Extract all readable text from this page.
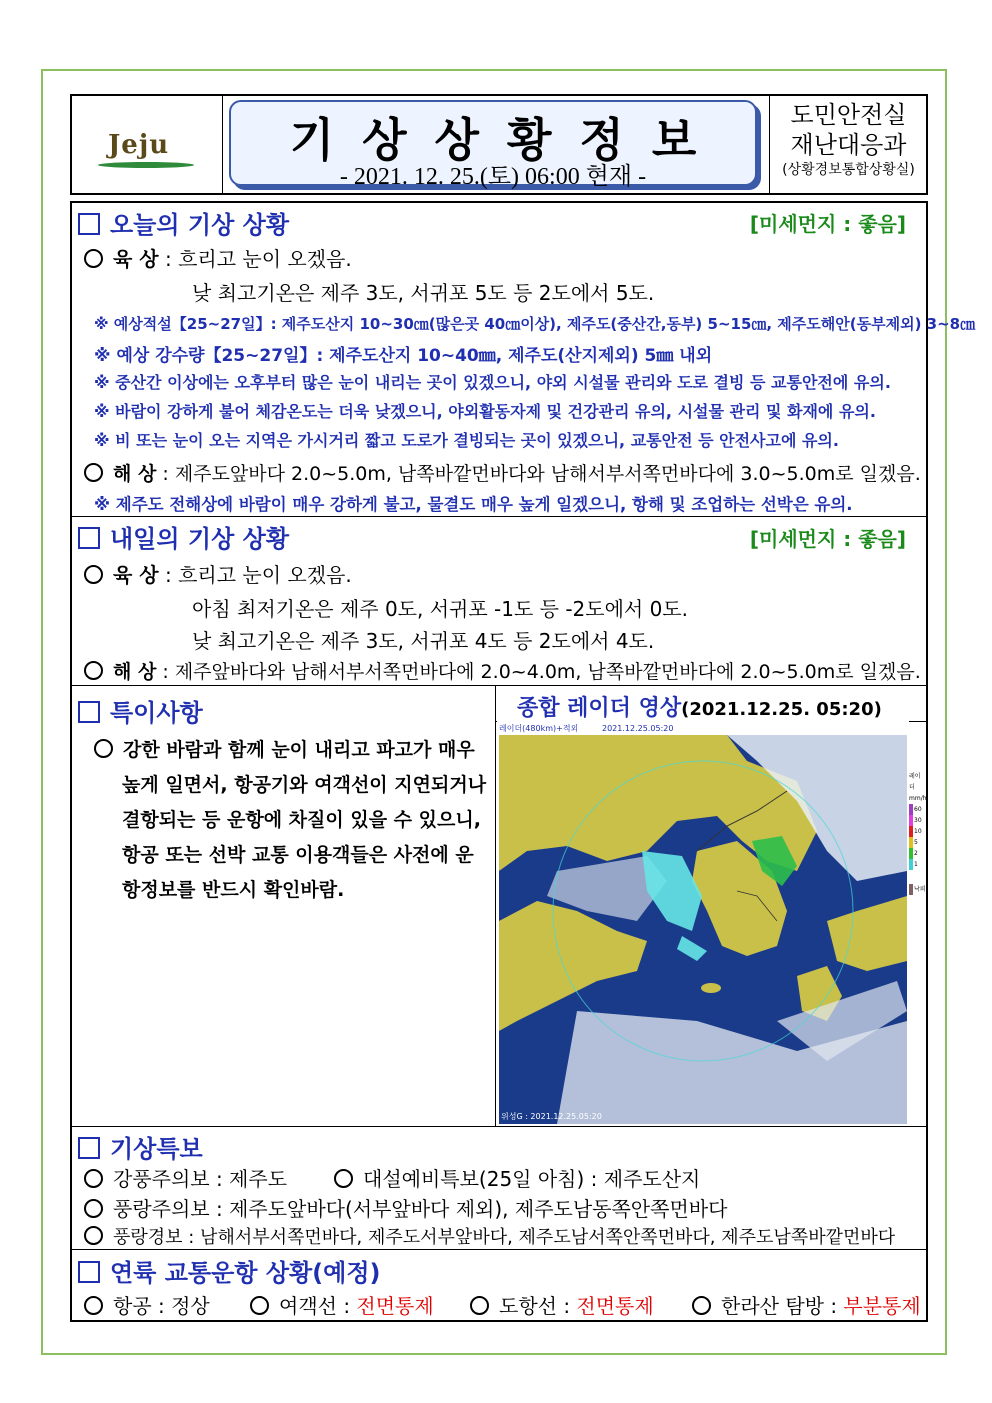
Jeju	기상상황정보
- 2021. 12. 25.(토) 06:00 현재 -
도민안전실
재난대응과
(상황경보통합상황실)
오늘의 기상 상황	[미세먼지 : 좋음]
육 상 : 흐리고 눈이 오겠음.
낮 최고기온은 제주 3도, 서귀포 5도 등 2도에서 5도.
※ 예상적설【25~27일】: 제주도산지 10~30㎝(많은곳 40㎝이상), 제주도(중산간,동부) 5~15㎝, 제주도해안(동부제외) 3~8㎝
※ 예상 강수량【25~27일】: 제주도산지 10~40㎜, 제주도(산지제외) 5㎜ 내외
※ 중산간 이상에는 오후부터 많은 눈이 내리는 곳이 있겠으니, 야외 시설물 관리와 도로 결빙 등 교통안전에 유의.
※ 바람이 강하게 불어 체감온도는 더욱 낮겠으니, 야외활동자제 및 건강관리 유의, 시설물 관리 및 화재에 유의.
※ 비 또는 눈이 오는 지역은 가시거리 짧고 도로가 결빙되는 곳이 있겠으니, 교통안전 등 안전사고에 유의.
해 상 : 제주도앞바다 2.0~5.0m, 남쪽바깥먼바다와 남해서부서쪽먼바다에 3.0~5.0m로 일겠음.
※ 제주도 전해상에 바람이 매우 강하게 불고, 물결도 매우 높게 일겠으니, 항해 및 조업하는 선박은 유의.
내일의 기상 상황	[미세먼지 : 좋음]
육 상 : 흐리고 눈이 오겠음.
아침 최저기온은 제주 0도, 서귀포 -1도 등 -2도에서 0도.
낮 최고기온은 제주 3도, 서귀포 4도 등 2도에서 4도.
해 상 : 제주앞바다와 남해서부서쪽먼바다에 2.0~4.0m, 남쪽바깥먼바다에 2.0~5.0m로 일겠음.
특이사항
강한 바람과 함께 눈이 내리고 파고가 매우
높게 일면서, 항공기와 여객선이 지연되거나
결항되는 등 운항에 차질이 있을 수 있으니,
항공 또는 선박 교통 이용객들은 사전에 운
항정보를 반드시 확인바람.
종합 레이더 영상(2021.12.25. 05:20)
레이더(480km)+적외	2021.12.25.05:20
위성G : 2021.12.25.05:20
레이더
mm/h
60
30
10
5
2
1
낙뢰
기상특보
강풍주의보 : 제주도	대설예비특보(25일 아침) : 제주도산지
풍랑주의보 : 제주도앞바다(서부앞바다 제외), 제주도남동쪽안쪽먼바다
풍랑경보 : 남해서부서쪽먼바다, 제주도서부앞바다, 제주도남서쪽안쪽먼바다, 제주도남쪽바깥먼바다
연륙 교통운항 상황(예정)
항공 : 정상	여객선 : 전면통제	도항선 : 전면통제	한라산 탐방 : 부분통제
